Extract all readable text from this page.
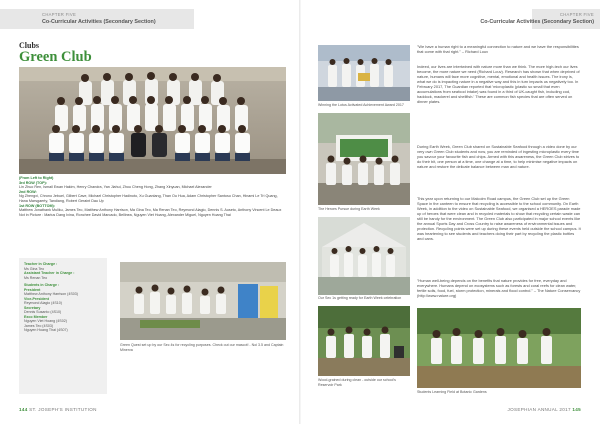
CHAPTER FIVE
Co-Curricular Activities (Secondary Section)
Clubs
Green Club
(From Left to Right)
3rd ROW (TOP):
Lin Zhuo Ren, Ismail Ewan Hakim, Henry Chandra, Yan Jiahui, Zhou Cheng Hong, Zhang Xinyuan, Michael Alexander
2nd ROW:
Ng Zhengxi, Chrono Jebuel, Gilbert Cave, Michael Christopher Hadinoto, Xu Guanlang, Than Ou Hua, Adam Christopher Santoso Chan, Hinami Le Tri Quang, Hana Marsgaerty, Tandiang, Robert Geraint Dau Up
1st ROW (BOTTOM):
Matthew Jonathank Muliku, James Teo, Matthew Anthony Harrison, Ma Gina Teo, Ma Renan Teo, Reymond Alagio, Dennis S. Auseto, Anthony Vincent Le Deaux
Not in Picture : Marius Dang Ivina, Ronchee David Marcado, Bellinea, Nguyen Viet Hoang, Alexander Miguel, Nguyen Hoang Thai
Teacher in Charge :
Ms Gina Teo
Assistant Teacher in Charge :
Ms Renan Teo
Students in Charge :
President
Matthew Anthony Harrison (4S03)
Vice-President
Reymond Alagio (4S10)
Secretary
Dennis Susanto (4S10)
Exco Member
Nguyen Viet Hoang (4S02)
James Teo (4S03)
Nguyen Hoang Thai (4S07)
Green Quest set up by our Sec 4s for recycling purposes. Check out our mascot! - Noi 3.5 and Captain Minerva
144 ST. JOSEPH'S INSTITUTION
CHAPTER FIVE
Co-Curricular Activities (Secondary Section)
Winning the Lotus Activated Achievement Award 2017
The Heroes Pursue during Earth Week
Our Sec 1s getting ready for Earth Week celebration
Wood-grained during clean - outside our school's Reservoir Park
"We have a human right to a meaningful connection to nature and we have the responsibilities that come with that right." – Richard Louv
Indeed, our lives are intertwined with nature more than we think. The more high-tech our lives become, the more nature we need (Richard Louv). Research has shown that when deprived of nature, humans will face more cognitive, mental, emotional and health issues. The irony is, what we do is impacting nature in a negative way and this in turn impacts us negatively too. In February 2017, The Guardian reported that 'microplastic (plastic so small that even accumulations from seafood intake) was found in a third of UK-caught fish, including cod, haddock, mackerel and shellfish.' These are common fish species that are often served on dinner plates.
During Earth Week, Green Club shared on Sustainable Seafood through a video done by our very own Green Club students and now, you are reminded of ingesting microplastic every time you savour your favourite fish and chips. Armed with this awareness, the Green Club strives to do their bit, one person at a time, one change at a time, to help minimise negative impacts on nature and restore the delicate balance between man and nature.
This year upon returning to our Malcolm Road campus, the Green Club set up the Green Space in the canteen to ensure that recycling is accessible to the school community. On Earth Week, in addition to the video on Sustainable Seafood, we organised a HEROES parade made up of heroes that were clean and in recycled materials to show that recycling certain waste can still be handy for the environment. The Green Club also participated in major school events like the annual Sports Day and Cross Country to raise awareness of environmental issues and protection. Recycling points were set up during these events held outside the school campus. It was heartening to see students and teachers doing their part by recycling the plastic bottles and cans.
"Human well-being depends on the benefits that nature provides for free, everyday and everywhere. Humans depend on ecosystems such as forests and coral reefs for clean water, fertile soils, food, fuel, storm protection, minerals and flood control." – The Nature Conservancy (http://www.nature.org)
Students Learning Field at Botanic Gardens
JOSEPHIAN ANNUAL 2017 145
